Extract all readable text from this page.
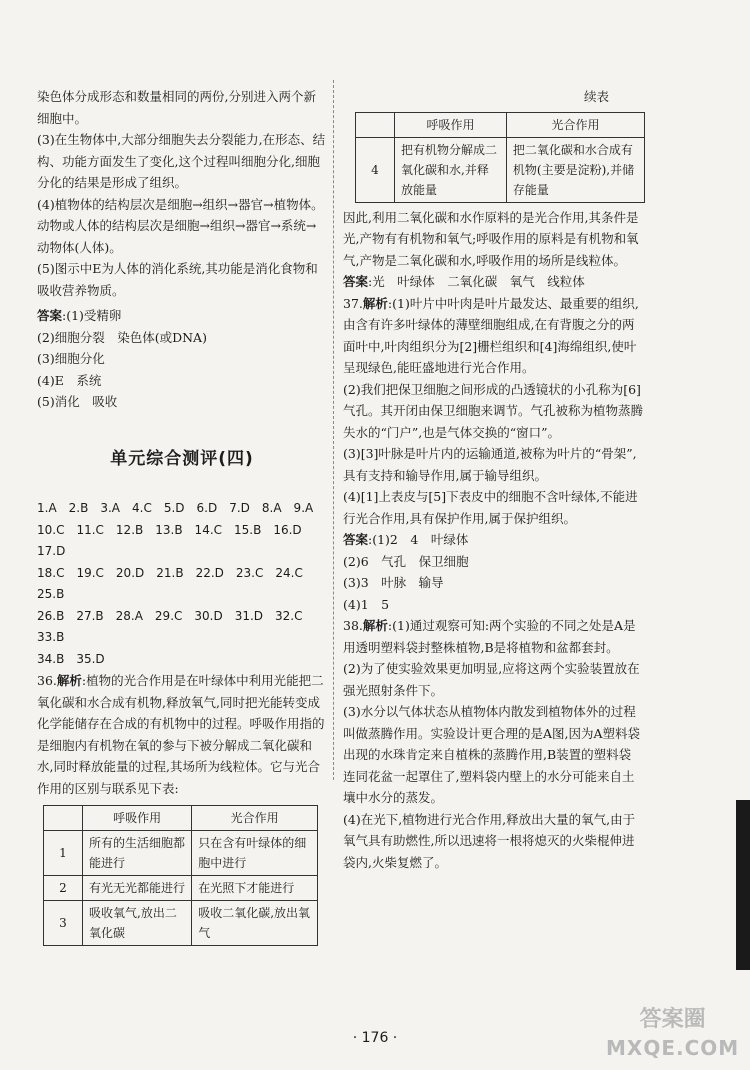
染色体分成形态和数量相同的两份,分别进入两个新细胞中。

(3)在生物体中,大部分细胞失去分裂能力,在形态、结构、功能方面发生了变化,这个过程叫细胞分化,细胞分化的结果是形成了组织。

(4)植物体的结构层次是细胞→组织→器官→植物体。动物或人体的结构层次是细胞→组织→器官→系统→动物体(人体)。

(5)图示中E为人体的消化系统,其功能是消化食物和吸收营养物质。

答案:(1)受精卵

(2)细胞分裂　染色体(或DNA)

(3)细胞分化

(4)E　系统

(5)消化　吸收

单元综合测评(四)

1.A　2.B　3.A　4.C　5.D　6.D　7.D　8.A　9.A

10.C　11.C　12.B　13.B　14.C　15.B　16.D　17.D

18.C　19.C　20.D　21.B　22.D　23.C　24.C　25.B

26.B　27.B　28.A　29.C　30.D　31.D　32.C　33.B

34.B　35.D

36.解析:植物的光合作用是在叶绿体中利用光能把二氧化碳和水合成有机物,释放氧气,同时把光能转变成化学能储存在合成的有机物中的过程。呼吸作用指的是细胞内有机物在氧的参与下被分解成二氧化碳和水,同时释放能量的过程,其场所为线粒体。它与光合作用的区别与联系见下表:

	呼吸作用	光合作用
1	所有的生活细胞都能进行	只在含有叶绿体的细胞中进行
2	有光无光都能进行	在光照下才能进行
3	吸收氧气,放出二氧化碳	吸收二氧化碳,放出氧气
续表
	呼吸作用	光合作用
4	把有机物分解成二氧化碳和水,并释放能量	把二氧化碳和水合成有机物(主要是淀粉),并储存能量

因此,利用二氧化碳和水作原料的是光合作用,其条件是光,产物有有机物和氧气;呼吸作用的原料是有机物和氧气,产物是二氧化碳和水,呼吸作用的场所是线粒体。

答案:光　叶绿体　二氧化碳　氧气　线粒体

37.解析:(1)叶片中叶肉是叶片最发达、最重要的组织,由含有许多叶绿体的薄壁细胞组成,在有背腹之分的两面叶中,叶肉组织分为[2]栅栏组织和[4]海绵组织,使叶呈现绿色,能旺盛地进行光合作用。

(2)我们把保卫细胞之间形成的凸透镜状的小孔称为[6]气孔。其开闭由保卫细胞来调节。气孔被称为植物蒸腾失水的“门户”,也是气体交换的“窗口”。

(3)[3]叶脉是叶片内的运输通道,被称为叶片的“骨架”,具有支持和输导作用,属于输导组织。

(4)[1]上表皮与[5]下表皮中的细胞不含叶绿体,不能进行光合作用,具有保护作用,属于保护组织。

答案:(1)2　4　叶绿体

(2)6　气孔　保卫细胞

(3)3　叶脉　输导

(4)1　5

38.解析:(1)通过观察可知:两个实验的不同之处是A是用透明塑料袋封整株植物,B是将植物和盆都套封。

(2)为了使实验效果更加明显,应将这两个实验装置放在强光照射条件下。

(3)水分以气体状态从植物体内散发到植物体外的过程叫做蒸腾作用。实验设计更合理的是A图,因为A塑料袋出现的水珠肯定来自植株的蒸腾作用,B装置的塑料袋连同花盆一起罩住了,塑料袋内壁上的水分可能来自土壤中水分的蒸发。

(4)在光下,植物进行光合作用,释放出大量的氧气,由于氧气具有助燃性,所以迅速将一根将熄灭的火柴棍伸进袋内,火柴复燃了。

· 176 ·
答案圈
MXQE.COM
